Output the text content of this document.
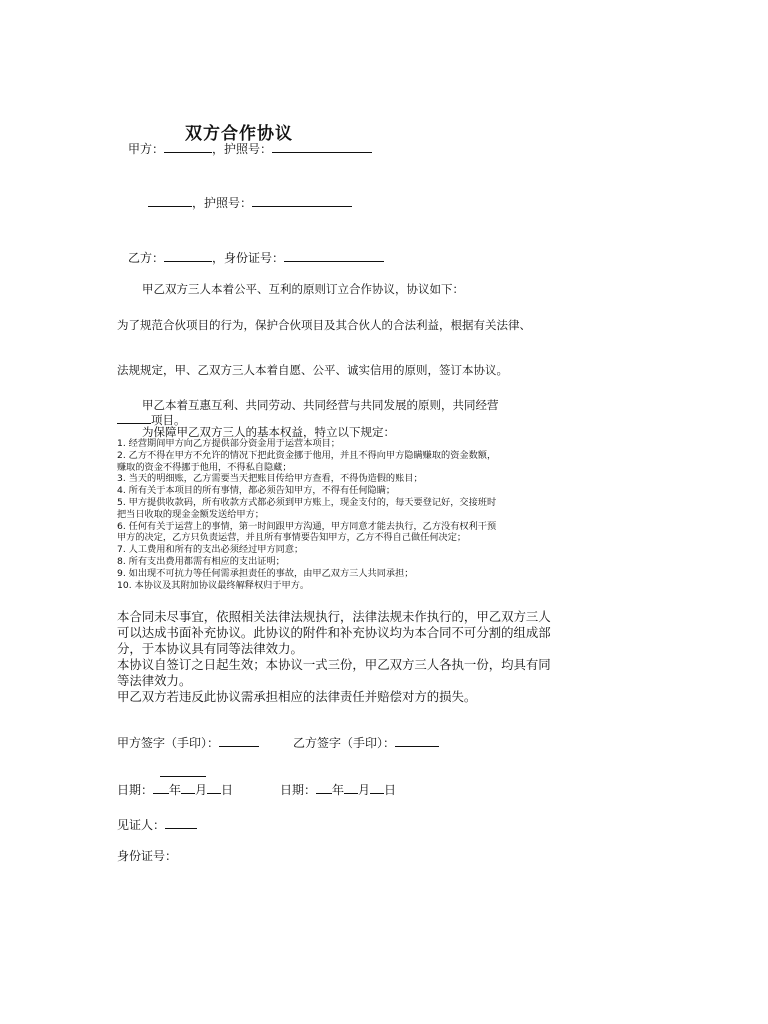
双方合作协议
甲方：	，护照号：
，护照号：
乙方：	，身份证号：
甲乙双方三人本着公平、互利的原则订立合作协议，协议如下：
为了规范合伙项目的行为，保护合伙项目及其合伙人的合法利益，根据有关法律、
法规规定，甲、乙双方三人本着自愿、公平、诚实信用的原则，签订本协议。
甲乙本着互惠互利、共同劳动、共同经营与共同发展的原则，共同经营
项目。
为保障甲乙双方三人的基本权益，特立以下规定：
1. 经营期间甲方向乙方提供部分资金用于运营本项目；
2. 乙方不得在甲方不允许的情况下把此资金挪于他用，并且不得向甲方隐瞒赚取的资金数额，
赚取的资金不得挪于他用，不得私自隐藏；
3. 当天的明细账，乙方需要当天把账目传给甲方查看，不得伪造假的账目；
4. 所有关于本项目的所有事情，都必须告知甲方，不得有任何隐瞒；
5. 甲方提供收款码，所有收款方式都必须到甲方账上，现金支付的，每天要登记好，交接班时
把当日收取的现金金额发送给甲方；
6. 任何有关于运营上的事情，第一时间跟甲方沟通，甲方同意才能去执行，乙方没有权利干预
甲方的决定，乙方只负责运营，并且所有事情要告知甲方，乙方不得自己做任何决定；
7. 人工费用和所有的支出必须经过甲方同意；
8. 所有支出费用都需有相应的支出证明；
9. 如出现不可抗力等任何需承担责任的事故，由甲乙双方三人共同承担；
10. 本协议及其附加协议最终解释权归于甲方。
本合同未尽事宜，依照相关法律法规执行，法律法规未作执行的，甲乙双方三人可以达成书面补充协议。此协议的附件和补充协议均为本合同不可分割的组成部分，于本协议具有同等法律效力。
本协议自签订之日起生效；本协议一式三份，甲乙双方三人各执一份，均具有同等法律效力。
甲乙双方若违反此协议需承担相应的法律责任并赔偿对方的损失。
甲方签字（手印）：	乙方签字（手印）：
日期： 年 月 日	日期： 年 月 日
见证人：
身份证号：
